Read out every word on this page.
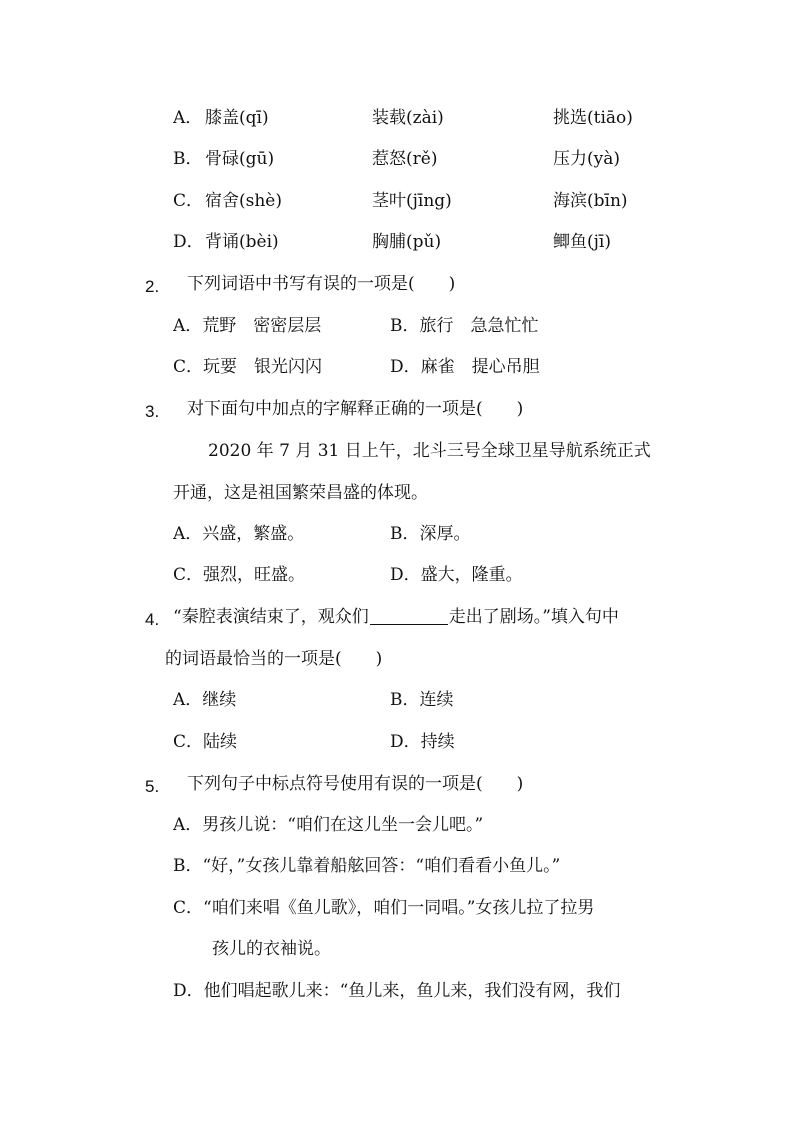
A． 膝盖(qī)	装载(zài)	挑选(tiāo)
B． 骨碌(gū)	惹怒(rě)	压力(yà)
C． 宿舍(shè)	茎叶(jīng)	海滨(bīn)
D． 背诵(bèi)	胸脯(pǔ)	鲫鱼(jī)
2. 下列词语中书写有误的一项是(　　)
A．荒野　密密层层	B．旅行　急急忙忙
C．玩要　银光闪闪	D．麻雀　提心吊胆
3. 对下面句中加点的字解释正确的一项是(　　)
2020 年 7 月 31 日上午，北斗三号全球卫星导航系统正式
开通，这是祖国繁荣昌盛的体现。
A．兴盛，繁盛。	B．深厚。
C．强烈，旺盛。	D．盛大，隆重。
4. “秦腔表演结束了，观众们	走出了剧场。”填入句中
的词语最恰当的一项是(　　)
A．继续	B．连续
C．陆续	D．持续
5. 下列句子中标点符号使用有误的一项是(　　)
A．男孩儿说：“咱们在这儿坐一会儿吧。”
B．“好，”女孩儿靠着船舷回答：“咱们看看小鱼儿。”
C．“咱们来唱《鱼儿歌》，咱们一同唱。”女孩儿拉了拉男
孩儿的衣袖说。
D．他们唱起歌儿来：“鱼儿来，鱼儿来，我们没有网，我们
